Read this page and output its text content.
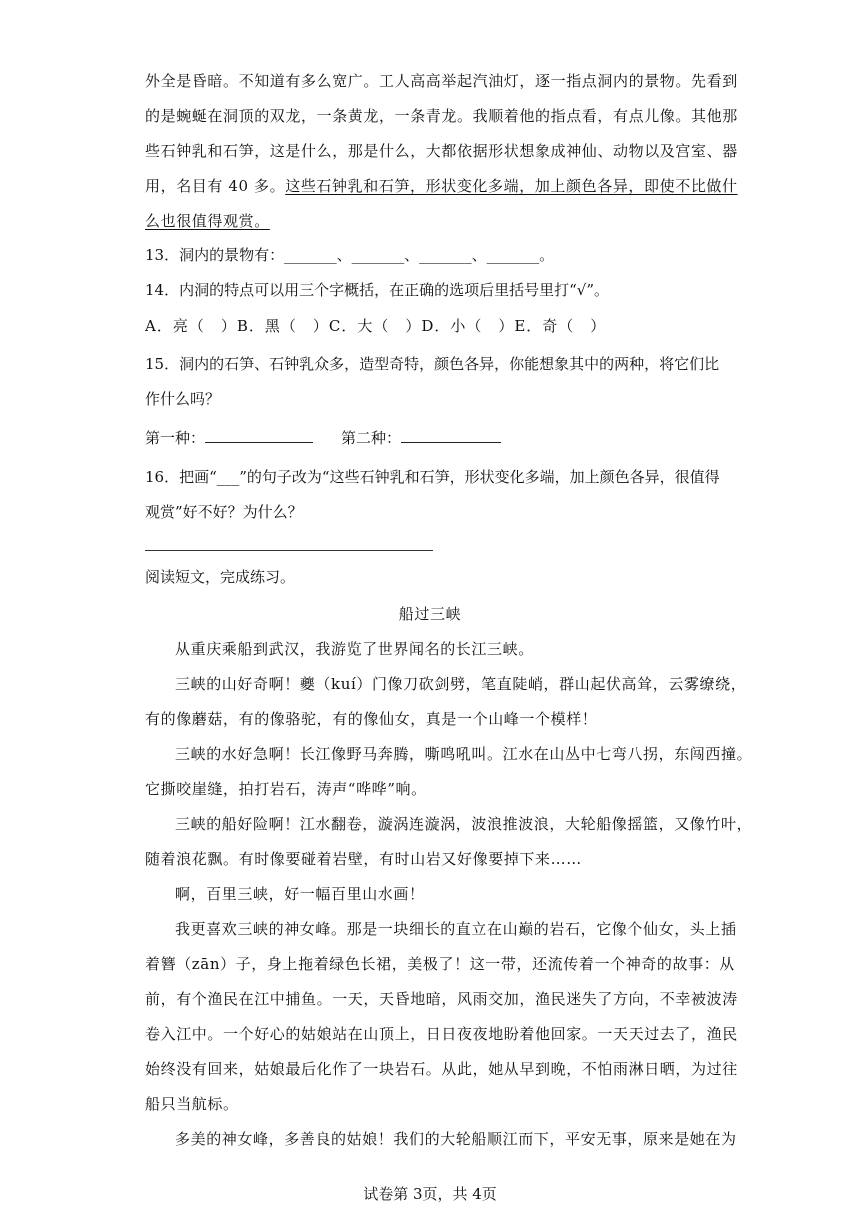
外全是昏暗。不知道有多么宽广。工人高高举起汽油灯，逐一指点洞内的景物。先看到
的是蜿蜒在洞顶的双龙，一条黄龙，一条青龙。我顺着他的指点看，有点儿像。其他那
些石钟乳和石笋，这是什么，那是什么，大都依据形状想象成神仙、动物以及宫室、器
用，名目有 40 多。这些石钟乳和石笋，形状变化多端，加上颜色各异，即使不比做什
么也很值得观赏。
13．洞内的景物有：_______、_______、_______、_______。
14．内洞的特点可以用三个字概括，在正确的选项后里括号里打“√”。
A．亮（　）B．黑（　）C．大（　）D．小（　）E．奇（　）
15．洞内的石笋、石钟乳众多，造型奇特，颜色各异，你能想象其中的两种，将它们比
作什么吗？
第一种：	第二种：
16．把画“___”的句子改为“这些石钟乳和石笋，形状变化多端，加上颜色各异，很值得
观赏”好不好？为什么？
阅读短文，完成练习。
船过三峡
从重庆乘船到武汉，我游览了世界闻名的长江三峡。
三峡的山好奇啊！夔（kuí）门像刀砍剑劈，笔直陡峭，群山起伏高耸，云雾缭绕，
有的像蘑菇，有的像骆驼，有的像仙女，真是一个山峰一个模样！
三峡的水好急啊！长江像野马奔腾，嘶鸣吼叫。江水在山丛中七弯八拐，东闯西撞。
它撕咬崖缝，拍打岩石，涛声“哗哗”响。
三峡的船好险啊！江水翻卷，漩涡连漩涡，波浪推波浪，大轮船像摇篮，又像竹叶，
随着浪花飘。有时像要碰着岩壁，有时山岩又好像要掉下来……
啊，百里三峡，好一幅百里山水画！
我更喜欢三峡的神女峰。那是一块细长的直立在山巅的岩石，它像个仙女，头上插
着簪（zān）子，身上拖着绿色长裙，美极了！这一带，还流传着一个神奇的故事：从
前，有个渔民在江中捕鱼。一天，天昏地暗，风雨交加，渔民迷失了方向，不幸被波涛
卷入江中。一个好心的姑娘站在山顶上，日日夜夜地盼着他回家。一天天过去了，渔民
始终没有回来，姑娘最后化作了一块岩石。从此，她从早到晚，不怕雨淋日晒，为过往
船只当航标。
多美的神女峰，多善良的姑娘！我们的大轮船顺江而下，平安无事，原来是她在为
试卷第 3页，共 4页
